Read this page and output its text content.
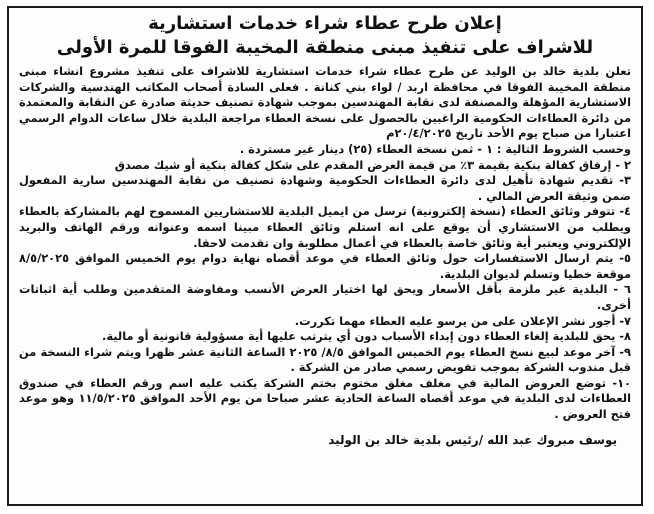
إعلان طرح عطاء شراء خدمات استشارية
للاشراف على تنفيذ مبنى منطقة المخيبة الفوقا للمرة الأولى

تعلن بلدية خالد بن الوليد عن طرح عطاء شراء خدمات استشارية للاشراف على تنفيذ مشروع انشاء مبنى منطقة المخيبة الفوقا في محافظة اربد / لواء بني كنانة . فعلى السادة أصحاب المكاتب الهندسية والشركات الاستشارية المؤهلة والمصنفة لدى نقابة المهندسين بموجب شهادة تصنيف حديثة صادرة عن النقابة والمعتمدة من دائرة العطاءات الحكومية الراغبين بالحصول على نسخة العطاء مراجعة البلدية خلال ساعات الدوام الرسمي اعتبارا من صباح يوم الأحد تاريخ ٢٠/٤/٢٠٢٥م

وحسب الشروط التالية : ١ - ثمن نسخة العطاء (٢٥) دينار غير مستردة .

٢ - إرفاق كفالة بنكية بقيمة ٣٪ من قيمة العرض المقدم على شكل كفالة بنكية أو شيك مصدق

٣- تقديم شهادة تأهيل لدى دائرة العطاءات الحكومية وشهادة تصنيف من نقابة المهندسين سارية المفعول ضمن وثيقة العرض المالي .

٤- تتوفر وثائق العطاء (نسخة إلكترونية) ترسل من ايميل البلدية للاستشاريين المسموح لهم بالمشاركة بالعطاء ويطلب من الاستشاري أن يوقع على انه استلم وثائق العطاء مبينا اسمه وعنوانه ورقم الهاتف والبريد الإلكتروني ويعتبر أية وثائق خاصة بالعطاء في أعمال مطلوبة وان تقدمت لاحقا.

٥- يتم ارسال الاستفسارات حول وثائق العطاء في موعد أقصاه نهاية دوام يوم الخميس الموافق ٨/٥/٢٠٢٥ موقعة خطيا وتسلم لديوان البلدية.

٦ - البلدية غير ملزمة بأقل الأسعار ويحق لها اختيار العرض الأنسب ومفاوضة المتقدمين وطلب أية اثباتات أخرى.

٧- أجور نشر الإعلان على من يرسو عليه العطاء مهما تكررت.

٨- يحق للبلدية إلغاء العطاء دون إبداء الأسباب دون أي يترتب عليها أية مسؤولية قانونية أو مالية.

٩- آخر موعد لبيع نسخ العطاء يوم الخميس الموافق ٨/٥/ ٢٠٢٥ الساعة الثانية عشر ظهرا ويتم شراء النسخة من قبل مندوب الشركة بموجب تفويض رسمي صادر من الشركة .

١٠- توضع العروض المالية في مغلف مغلق مختوم بختم الشركة يكتب عليه اسم ورقم العطاء في صندوق العطاءات لدى البلدية في موعد أقصاه الساعة الحادية عشر صباحا من يوم الأحد الموافق ١١/٥/٢٠٢٥ وهو موعد فتح العروض .

يوسف مبروك عبد الله /رئيس بلدية خالد بن الوليد
